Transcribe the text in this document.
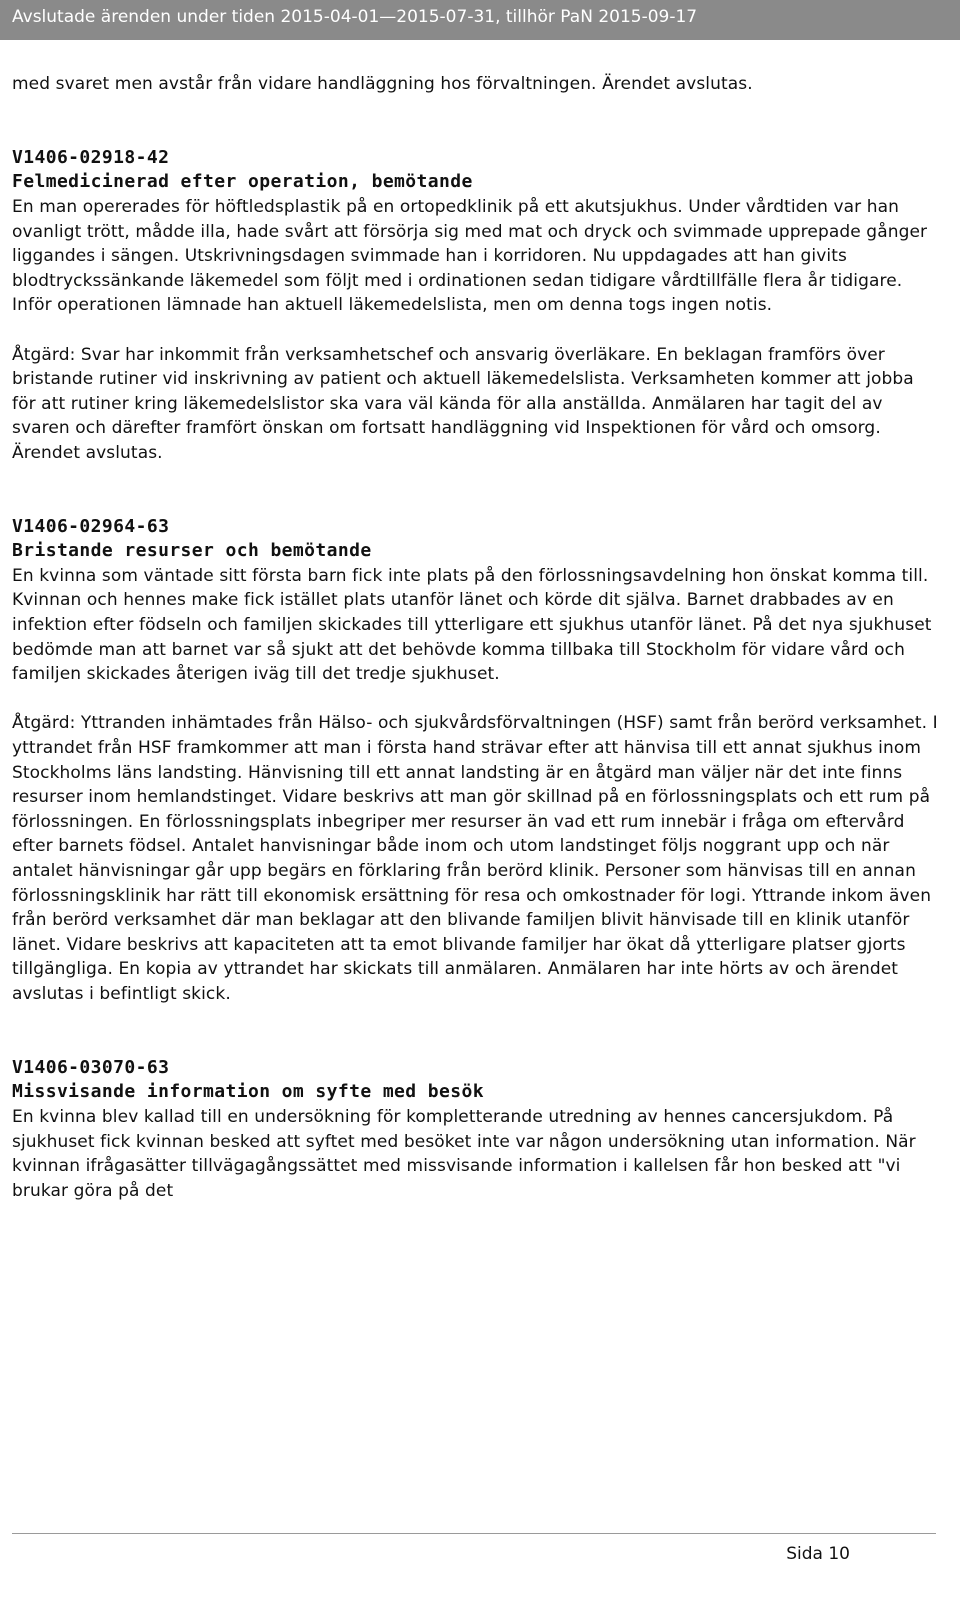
Avslutade ärenden under tiden 2015-04-01—2015-07-31, tillhör PaN 2015-09-17

med svaret men avstår från vidare handläggning hos förvaltningen. Ärendet avslutas.

V1406-02918-42

Felmedicinerad efter operation, bemötande

En man opererades för höftledsplastik på en ortopedklinik på ett akutsjukhus. Under vårdtiden var han ovanligt trött, mådde illa, hade svårt att försörja sig med mat och dryck och svimmade upprepade gånger liggandes i sängen. Utskrivningsdagen svimmade han i korridoren. Nu uppdagades att han givits blodtryckssänkande läkemedel som följt med i ordinationen sedan tidigare vårdtillfälle flera år tidigare. Inför operationen lämnade han aktuell läkemedelslista, men om denna togs ingen notis.

Åtgärd: Svar har inkommit från verksamhetschef och ansvarig överläkare. En beklagan framförs över bristande rutiner vid inskrivning av patient och aktuell läkemedelslista. Verksamheten kommer att jobba för att rutiner kring läkemedelslistor ska vara väl kända för alla anställda. Anmälaren har tagit del av svaren och därefter framfört önskan om fortsatt handläggning vid Inspektionen för vård och omsorg. Ärendet avslutas.

V1406-02964-63

Bristande resurser och bemötande

En kvinna som väntade sitt första barn fick inte plats på den förlossningsavdelning hon önskat komma till. Kvinnan och hennes make fick istället plats utanför länet och körde dit själva. Barnet drabbades av en infektion efter födseln och familjen skickades till ytterligare ett sjukhus utanför länet. På det nya sjukhuset bedömde man att barnet var så sjukt att det behövde komma tillbaka till Stockholm för vidare vård och familjen skickades återigen iväg till det tredje sjukhuset.

Åtgärd: Yttranden inhämtades från Hälso- och sjukvårdsförvaltningen (HSF) samt från berörd verksamhet. I yttrandet från HSF framkommer att man i första hand strävar efter att hänvisa till ett annat sjukhus inom Stockholms läns landsting. Hänvisning till ett annat landsting är en åtgärd man väljer när det inte finns resurser inom hemlandstinget. Vidare beskrivs att man gör skillnad på en förlossningsplats och ett rum på förlossningen. En förlossningsplats inbegriper mer resurser än vad ett rum innebär i fråga om eftervård efter barnets födsel. Antalet hanvisningar både inom och utom landstinget följs noggrant upp och när antalet hänvisningar går upp begärs en förklaring från berörd klinik. Personer som hänvisas till en annan förlossningsklinik har rätt till ekonomisk ersättning för resa och omkostnader för logi. Yttrande inkom även från berörd verksamhet där man beklagar att den blivande familjen blivit hänvisade till en klinik utanför länet. Vidare beskrivs att kapaciteten att ta emot blivande familjer har ökat då ytterligare platser gjorts tillgängliga. En kopia av yttrandet har skickats till anmälaren. Anmälaren har inte hörts av och ärendet avslutas i befintligt skick.

V1406-03070-63

Missvisande information om syfte med besök

En kvinna blev kallad till en undersökning för kompletterande utredning av hennes cancersjukdom. På sjukhuset fick kvinnan besked att syftet med besöket inte var någon undersökning utan information. När kvinnan ifrågasätter tillvägagångssättet med missvisande information i kallelsen får hon besked att "vi brukar göra på det

Sida 10
